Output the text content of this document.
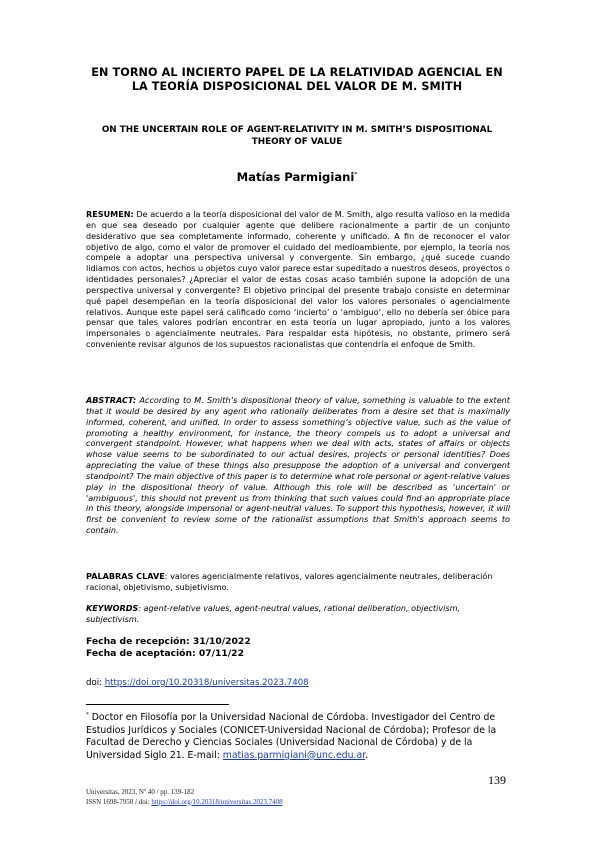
EN TORNO AL INCIERTO PAPEL DE LA RELATIVIDAD AGENCIAL EN LA TEORÍA DISPOSICIONAL DEL VALOR DE M. SMITH
ON THE UNCERTAIN ROLE OF AGENT-RELATIVITY IN M. SMITH’S DISPOSITIONAL THEORY OF VALUE
Matías Parmigiani*
RESUMEN: De acuerdo a la teoría disposicional del valor de M. Smith, algo resulta valioso en la medida en que sea deseado por cualquier agente que delibere racionalmente a partir de un conjunto desiderativo que sea completamente informado, coherente y unificado. A fin de reconocer el valor objetivo de algo, como el valor de promover el cuidado del medioambiente, por ejemplo, la teoría nos compele a adoptar una perspectiva universal y convergente. Sin embargo, ¿qué sucede cuando lidiamos con actos, hechos u objetos cuyo valor parece estar supeditado a nuestros deseos, proyectos o identidades personales? ¿Apreciar el valor de estas cosas acaso también supone la adopción de una perspectiva universal y convergente? El objetivo principal del presente trabajo consiste en determinar qué papel desempeñan en la teoría disposicional del valor los valores personales o agencialmente relativos. Aunque este papel será calificado como ‘incierto’ o ‘ambiguo’, ello no debería ser óbice para pensar que tales valores podrían encontrar en esta teoría un lugar apropiado, junto a los valores impersonales o agencialmente neutrales. Para respaldar esta hipótesis, no obstante, primero será conveniente revisar algunos de los supuestos racionalistas que contendría el enfoque de Smith.
ABSTRACT: According to M. Smith’s dispositional theory of value, something is valuable to the extent that it would be desired by any agent who rationally deliberates from a desire set that is maximally informed, coherent, and unified. In order to assess something’s objective value, such as the value of promoting a healthy environment, for instance, the theory compels us to adopt a universal and convergent standpoint. However, what happens when we deal with acts, states of affairs or objects whose value seems to be subordinated to our actual desires, projects or personal identities? Does appreciating the value of these things also presuppose the adoption of a universal and convergent standpoint? The main objective of this paper is to determine what role personal or agent-relative values play in the dispositional theory of value. Although this role will be described as 'uncertain' or 'ambiguous', this should not prevent us from thinking that such values could find an appropriate place in this theory, alongside impersonal or agent-neutral values. To support this hypothesis, however, it will first be convenient to review some of the rationalist assumptions that Smith's approach seems to contain.
PALABRAS CLAVE: valores agencialmente relativos, valores agencialmente neutrales, deliberación racional, objetivismo, subjetivismo.
KEYWORDS: agent-relative values, agent-neutral values, rational deliberation, objectivism, subjectivism.
Fecha de recepción: 31/10/2022
Fecha de aceptación: 07/11/22
doi: https://doi.org/10.20318/universitas.2023.7408
* Doctor en Filosofía por la Universidad Nacional de Córdoba. Investigador del Centro de Estudios Jurídicos y Sociales (CONICET-Universidad Nacional de Córdoba); Profesor de la Facultad de Derecho y Ciencias Sociales (Universidad Nacional de Córdoba) y de la Universidad Siglo 21. E-mail: matias.parmigiani@unc.edu.ar.
139
Universitas, 2023, Nº 40 / pp. 139-182
ISSN 1698-7950 / doi: https://doi.org/10.20318/universitas.2023.7408
